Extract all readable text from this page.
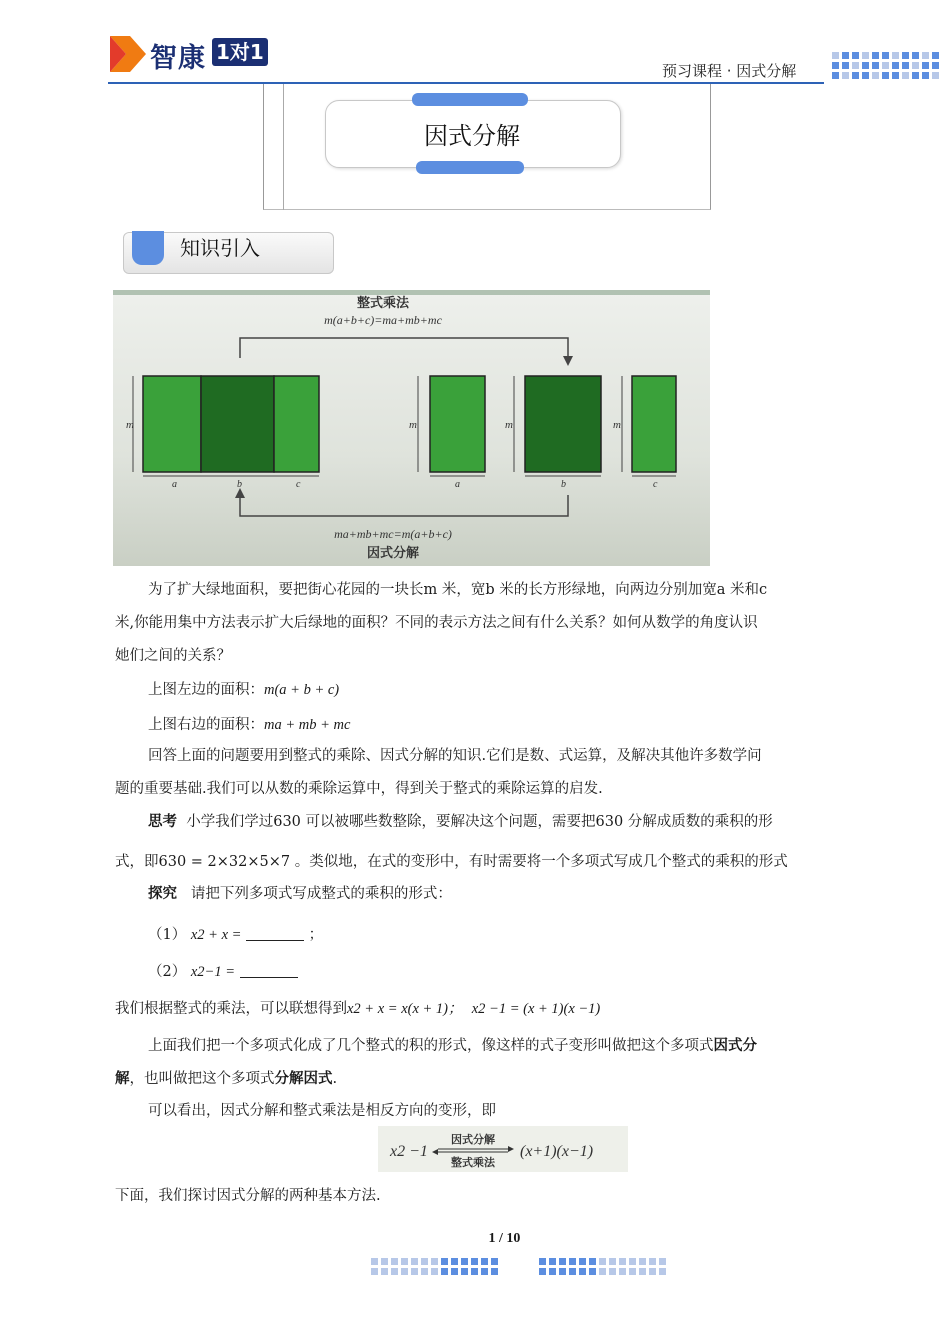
智康 1对1
预习课程 · 因式分解
因式分解
知识引入
整式乘法
m(a+b+c)=ma+mb+mc
m
a	b	c
m	m	m
a	b	c
ma+mb+mc=m(a+b+c)
因式分解
为了扩大绿地面积，要把街心花园的一块长m 米，宽b 米的长方形绿地，向两边分别加宽a 米和c
米,你能用集中方法表示扩大后绿地的面积？不同的表示方法之间有什么关系？如何从数学的角度认识
她们之间的关系？
上图左边的面积：m(a + b + c)
上图右边的面积：ma + mb + mc
回答上面的问题要用到整式的乘除、因式分解的知识.它们是数、式运算，及解决其他许多数学问
题的重要基础.我们可以从数的乘除运算中，得到关于整式的乘除运算的启发.
思考 小学我们学过630 可以被哪些数整除，要解决这个问题，需要把630 分解成质数的乘积的形
式，即630 = 2×32×5×7 。类似地，在式的变形中，有时需要将一个多项式写成几个整式的乘积的形式
探究 请把下列多项式写成整式的乘积的形式：
（1） x2 + x =	；
（2） x2−1 =
我们根据整式的乘法，可以联想得到x2 + x = x(x + 1)； x2 −1 = (x + 1)(x −1)
上面我们把一个多项式化成了几个整式的积的形式，像这样的式子变形叫做把这个多项式因式分
解，也叫做把这个多项式分解因式.
可以看出，因式分解和整式乘法是相反方向的变形，即
x2 −1
因式分解
整式乘法
(x+1)(x−1)
下面，我们探讨因式分解的两种基本方法.
1 / 10
